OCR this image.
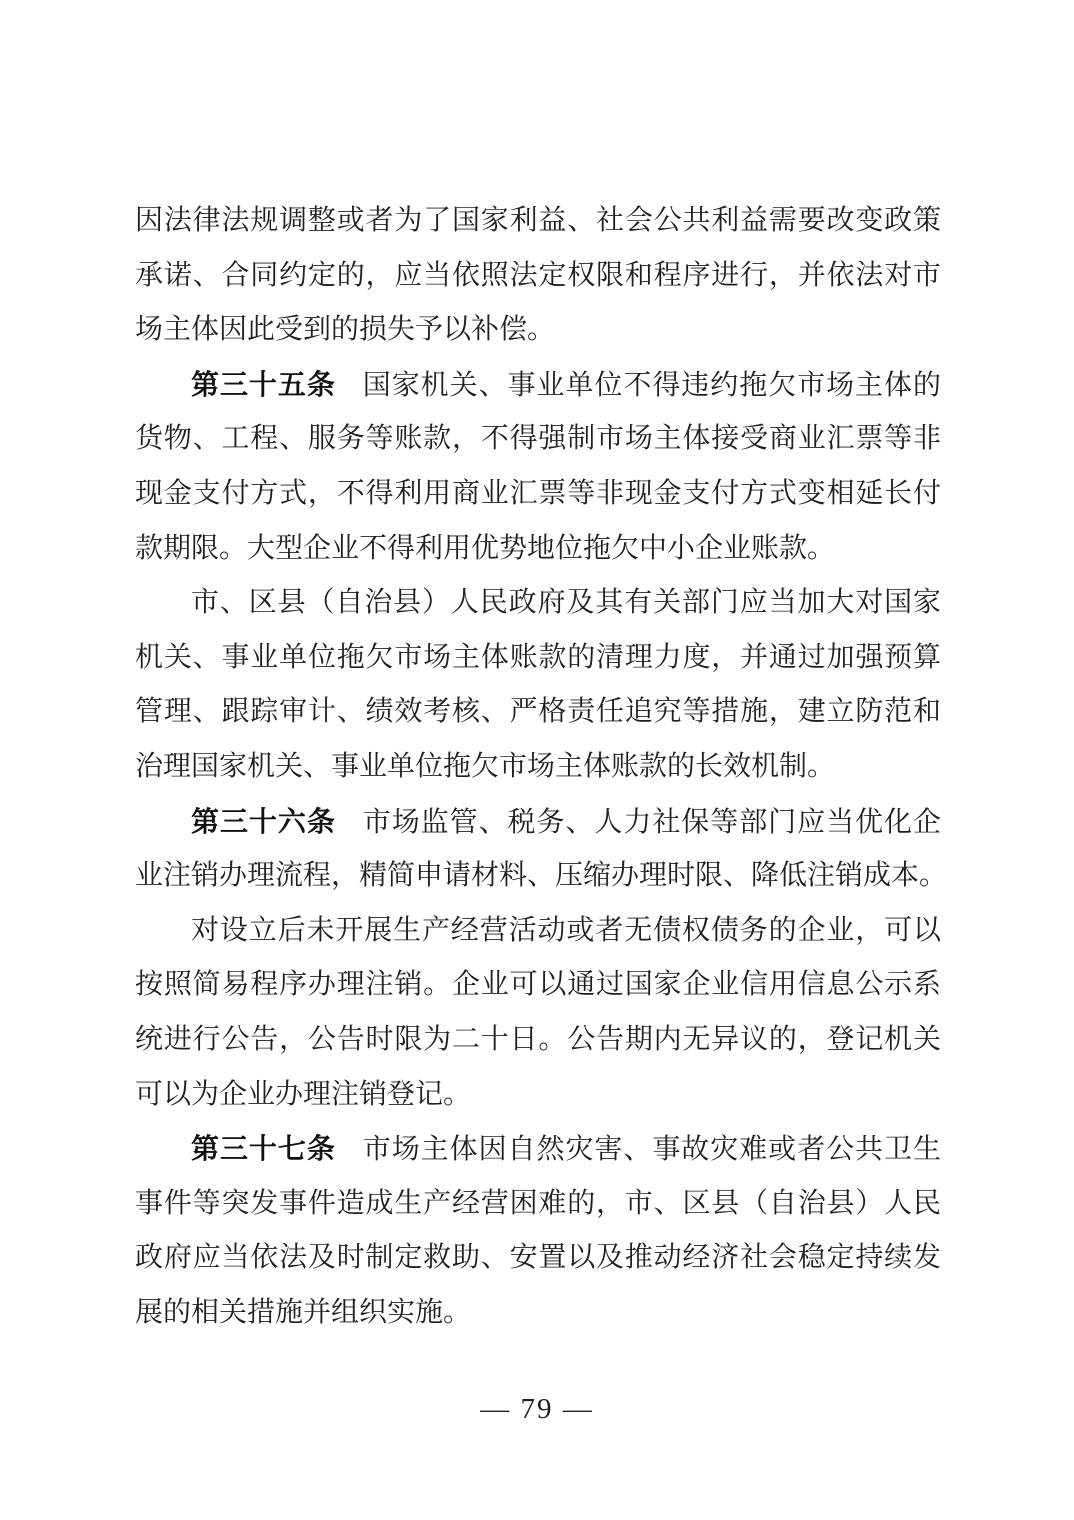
因法律法规调整或者为了国家利益、社会公共利益需要改变政策
承诺、合同约定的，应当依照法定权限和程序进行，并依法对市
场主体因此受到的损失予以补偿。
第三十五条 国家机关、事业单位不得违约拖欠市场主体的
货物、工程、服务等账款，不得强制市场主体接受商业汇票等非
现金支付方式，不得利用商业汇票等非现金支付方式变相延长付
款期限。大型企业不得利用优势地位拖欠中小企业账款。
市、区县（自治县）人民政府及其有关部门应当加大对国家
机关、事业单位拖欠市场主体账款的清理力度，并通过加强预算
管理、跟踪审计、绩效考核、严格责任追究等措施，建立防范和
治理国家机关、事业单位拖欠市场主体账款的长效机制。
第三十六条 市场监管、税务、人力社保等部门应当优化企
业注销办理流程，精简申请材料、压缩办理时限、降低注销成本。
对设立后未开展生产经营活动或者无债权债务的企业，可以
按照简易程序办理注销。企业可以通过国家企业信用信息公示系
统进行公告，公告时限为二十日。公告期内无异议的，登记机关
可以为企业办理注销登记。
第三十七条 市场主体因自然灾害、事故灾难或者公共卫生
事件等突发事件造成生产经营困难的，市、区县（自治县）人民
政府应当依法及时制定救助、安置以及推动经济社会稳定持续发
展的相关措施并组织实施。
— 79 —
